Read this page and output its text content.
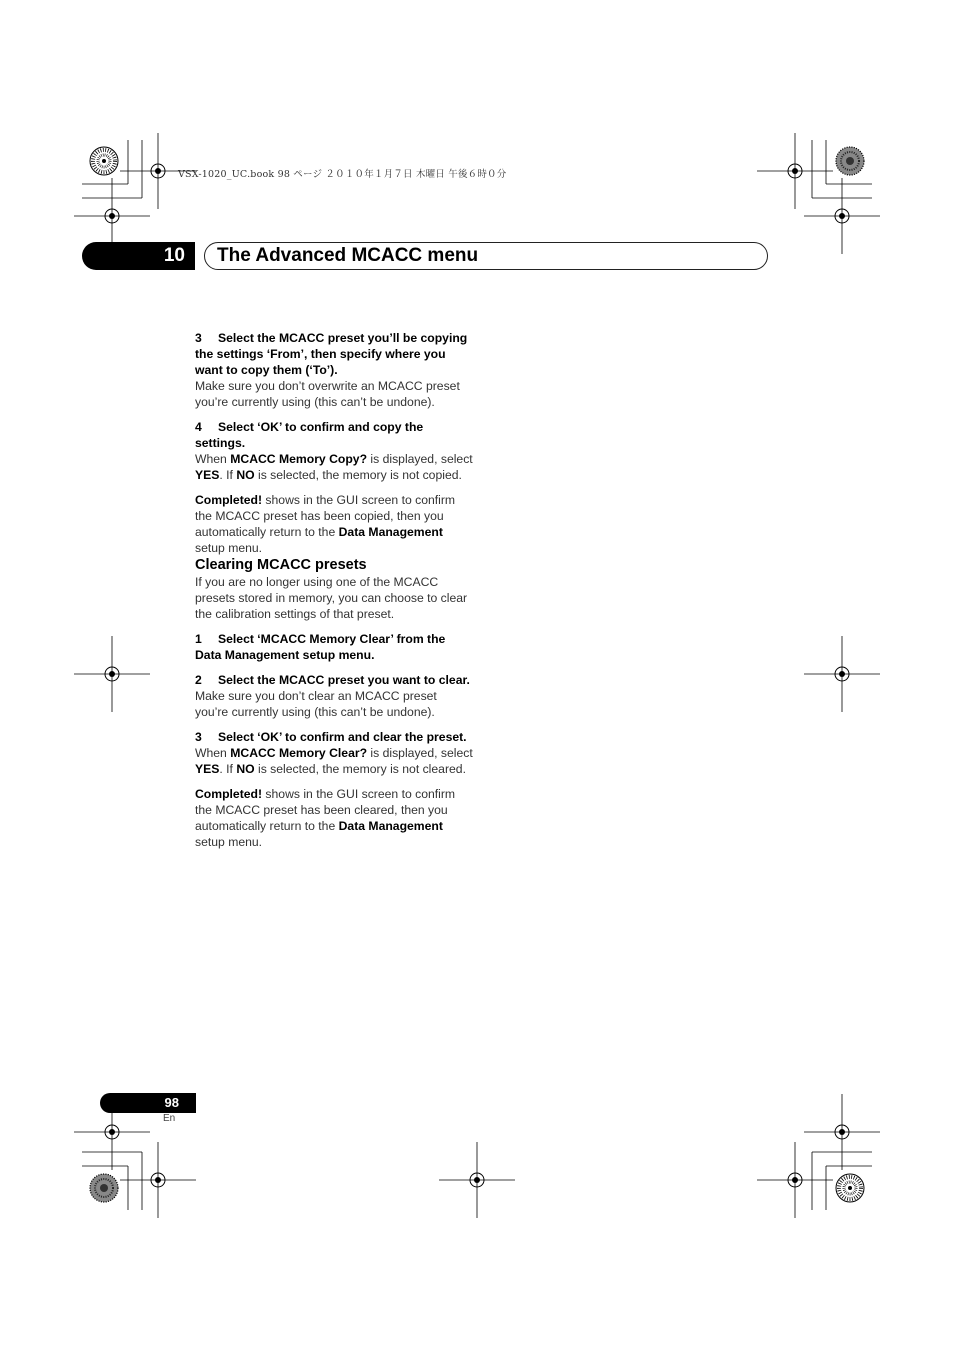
VSX-1020_UC.book 98 ページ ２０１０年１月７日 木曜日 午後６時０分
10	The Advanced MCACC menu

3 Select the MCACC preset you’ll be copying the settings ‘From’, then specify where you want to copy them (‘To’).

Make sure you don’t overwrite an MCACC preset you’re currently using (this can’t be undone).

4 Select ‘OK’ to confirm and copy the settings.

When MCACC Memory Copy? is displayed, select YES. If NO is selected, the memory is not copied.

Completed! shows in the GUI screen to confirm the MCACC preset has been copied, then you automatically return to the Data Management setup menu.

Clearing MCACC presets

If you are no longer using one of the MCACC presets stored in memory, you can choose to clear the calibration settings of that preset.

1 Select ‘MCACC Memory Clear’ from the Data Management setup menu.

2 Select the MCACC preset you want to clear.

Make sure you don’t clear an MCACC preset you’re currently using (this can’t be undone).

3 Select ‘OK’ to confirm and clear the preset.

When MCACC Memory Clear? is displayed, select YES. If NO is selected, the memory is not cleared.

Completed! shows in the GUI screen to confirm the MCACC preset has been cleared, then you automatically return to the Data Management setup menu.

98
En
